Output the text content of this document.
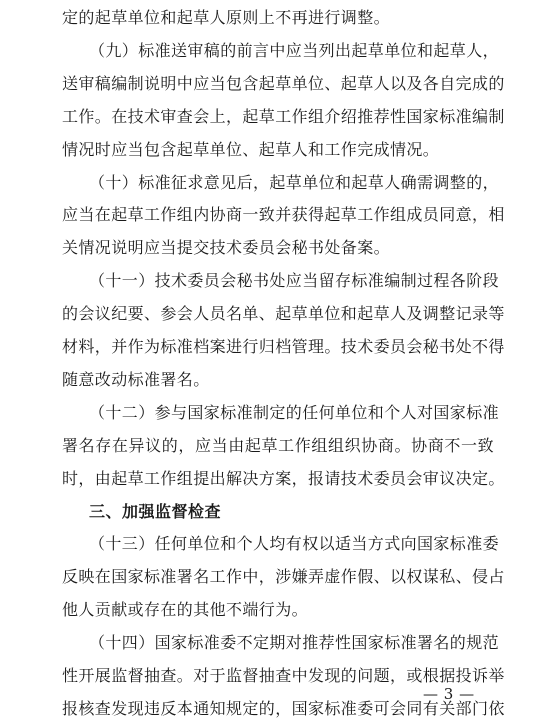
定的起草单位和起草人原则上不再进行调整。
（九）标准送审稿的前言中应当列出起草单位和起草人，
送审稿编制说明中应当包含起草单位、起草人以及各自完成的
工作。在技术审查会上，起草工作组介绍推荐性国家标准编制
情况时应当包含起草单位、起草人和工作完成情况。
（十）标准征求意见后，起草单位和起草人确需调整的，
应当在起草工作组内协商一致并获得起草工作组成员同意，相
关情况说明应当提交技术委员会秘书处备案。
（十一）技术委员会秘书处应当留存标准编制过程各阶段
的会议纪要、参会人员名单、起草单位和起草人及调整记录等
材料，并作为标准档案进行归档管理。技术委员会秘书处不得
随意改动标准署名。
（十二）参与国家标准制定的任何单位和个人对国家标准
署名存在异议的，应当由起草工作组组织协商。协商不一致
时，由起草工作组提出解决方案，报请技术委员会审议决定。
三、加强监督检查
（十三）任何单位和个人均有权以适当方式向国家标准委
反映在国家标准署名工作中，涉嫌弄虚作假、以权谋私、侵占
他人贡献或存在的其他不端行为。
（十四）国家标准委不定期对推荐性国家标准署名的规范
性开展监督抽查。对于监督抽查中发现的问题，或根据投诉举
报核查发现违反本通知规定的，国家标准委可会同有关部门依
— 3 —
